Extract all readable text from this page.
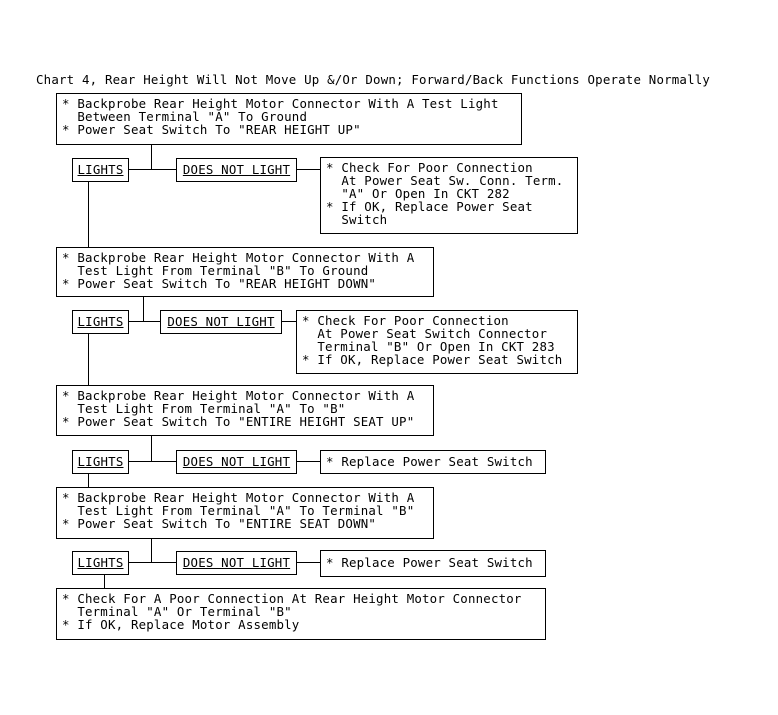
Chart 4, Rear Height Will Not Move Up &/Or Down; Forward/Back Functions Operate Normally
* Backprobe Rear Height Motor Connector With A Test Light
Between Terminal "A" To Ground
* Power Seat Switch To "REAR HEIGHT UP"
LIGHTS	DOES NOT LIGHT	* Check For Poor Connection
At Power Seat Sw. Conn. Term.
"A" Or Open In CKT 282
* If OK, Replace Power Seat
Switch
* Backprobe Rear Height Motor Connector With A
Test Light From Terminal "B" To Ground
* Power Seat Switch To "REAR HEIGHT DOWN"
LIGHTS	DOES NOT LIGHT	* Check For Poor Connection
At Power Seat Switch Connector
Terminal "B" Or Open In CKT 283
* If OK, Replace Power Seat Switch
* Backprobe Rear Height Motor Connector With A
Test Light From Terminal "A" To "B"
* Power Seat Switch To "ENTIRE HEIGHT SEAT UP"
LIGHTS	DOES NOT LIGHT	* Replace Power Seat Switch
* Backprobe Rear Height Motor Connector With A
Test Light From Terminal "A" To Terminal "B"
* Power Seat Switch To "ENTIRE SEAT DOWN"
LIGHTS	DOES NOT LIGHT	* Replace Power Seat Switch
* Check For A Poor Connection At Rear Height Motor Connector
Terminal "A" Or Terminal "B"
* If OK, Replace Motor Assembly
